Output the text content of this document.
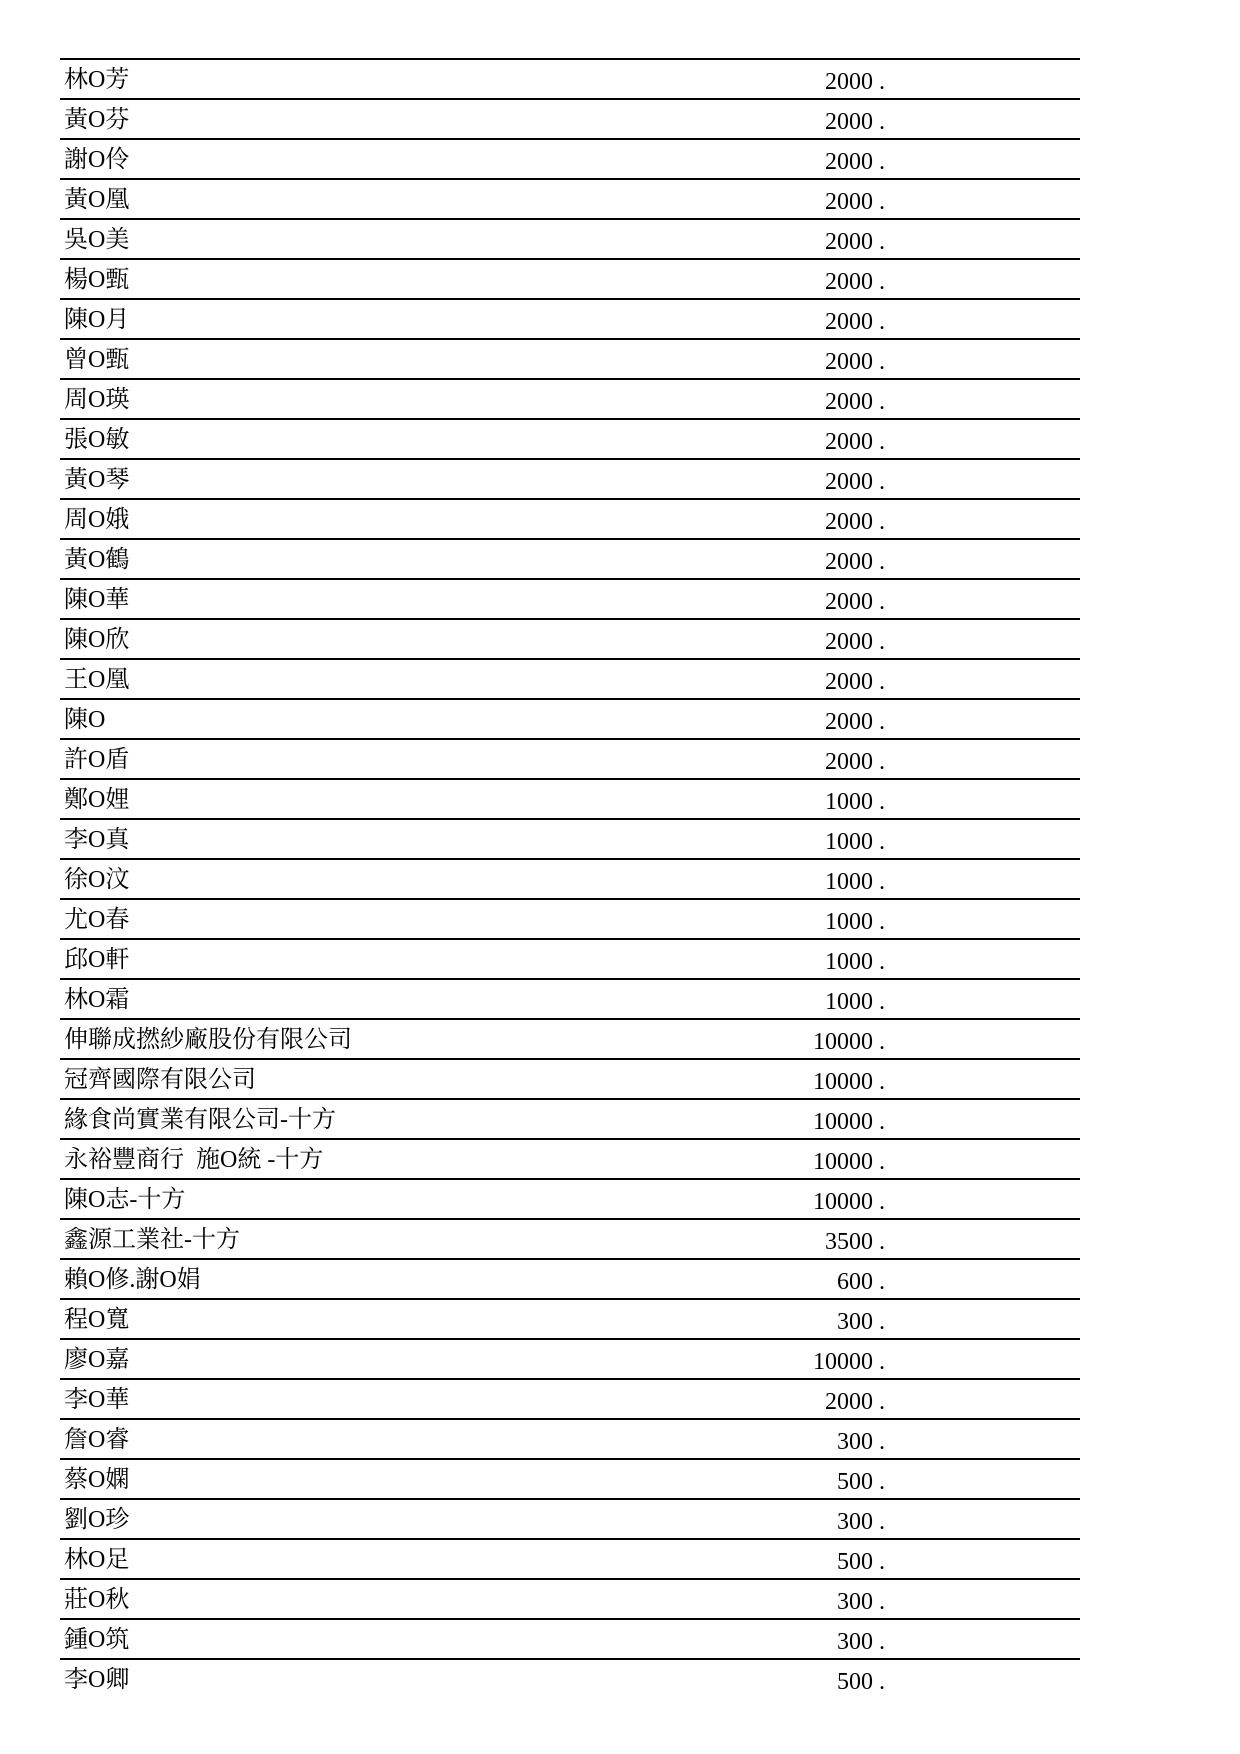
林O芳	2000 .
黃O芬	2000 .
謝O伶	2000 .
黃O凰	2000 .
吳O美	2000 .
楊O甄	2000 .
陳O月	2000 .
曾O甄	2000 .
周O瑛	2000 .
張O敏	2000 .
黃O琴	2000 .
周O娥	2000 .
黃O鶴	2000 .
陳O華	2000 .
陳O欣	2000 .
王O凰	2000 .
陳O	2000 .
許O盾	2000 .
鄭O娌	1000 .
李O真	1000 .
徐O汶	1000 .
尤O春	1000 .
邱O軒	1000 .
林O霜	1000 .
伸聯成撚紗廠股份有限公司	10000 .
冠齊國際有限公司	10000 .
緣食尚實業有限公司-十方	10000 .
永裕豐商行  施O統 -十方	10000 .
陳O志-十方	10000 .
鑫源工業社-十方	3500 .
賴O修.謝O娟	600 .
程O寬	300 .
廖O嘉	10000 .
李O華	2000 .
詹O睿	300 .
蔡O嫻	500 .
劉O珍	300 .
林O足	500 .
莊O秋	300 .
鍾O筑	300 .
李O卿	500 .
